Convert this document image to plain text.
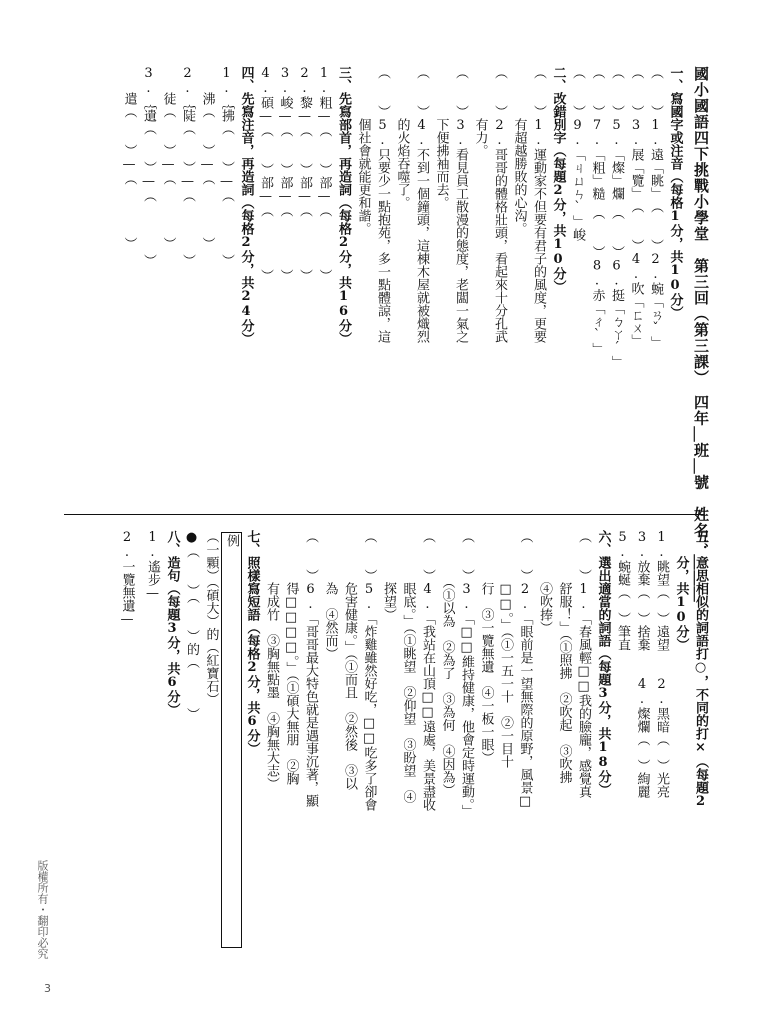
國小國語四下挑戰小學堂　第三回（第三課）　四年＿班＿號　姓名：＿＿＿
一、寫國字或注音（每格1分，共10分）
（　　）1.遠「眺」　（　　）2.蜿「ㄢˇ」
（　　）3.展「覽」　（　　）4.吹「ㄈㄨ」
（　　）5.「燦」爛　（　　）6.挺「ㄅㄚˊ」
（　　）7.「粗」糙　（　　）8.赤「ㄔˋ」
（　　）9.「ㄐㄩㄣˋ」峻
二、改錯別字（每題2分，共10分）
（　　）1.運動家不但要有君子的風度，更要
　　　　有超越勝敗的心沟。
（　　）2.哥哥的體格壯頭，看起來十分孔武
　　　　有力。
（　　）3.看見員工散漫的態度，老闆一氣之
　　　　下便拂袖而去。
（　　）4.不到一個鐘頭，這棟木屋就被熾烈
　　　　的火焰吞噬了。
（　　）5.只要少一點抱苑，多一點體諒，這
　　　　個社會就能更和諧。
三、先寫部首，再造詞（每格2分，共16分）
1.粗—（　　）部—（　　　　）
2.黎—（　　）部—（　　　　）
3.峻—（　　）部—（　　　　）
4.碩—（　　）部—（　　　　）
四、先寫注音，再造詞（每格2分，共24分）
1.｛拂（　　）—（　　　　）
　　沸（　　）—（　　　　）
2.｛陡（　　）—（　　　　）
　　徒（　　）—（　　　　）
3.｛遺（　　）—（　　　　）
　　遣（　　）—（　　　　）
五、意思相似的詞語打○，不同的打×（每題2
　　分，共10分）
1.眺望（　）遠望　　2.黑暗（　）光亮
3.放棄（　）捨棄　　4.燦爛（　）絢麗
5.蜿蜒（　）筆直
六、選出適當的詞語（每題3分，共18分）
（　　）1.「春風輕□□我的臉龐，感覺真
　　　　舒服！」（①照拂　②吹起　③吹拂
　　　　④吹捧）
（　　）2.「眼前是一望無際的原野，風景□
　　　　□□。」（①一五一十　②一目十
　　　　行　③一覽無遺　④一板一眼）
（　　）3.「□□維持健康，他會定時運動。」
　　　　（①以為　②為了　③為何　④因為）
（　　）4.「我站在山頂□□遠處，美景盡收
　　　　眼底。」（①眺望　②仰望　③盼望　④
　　　　探望）
（　　）5.「炸雞雖然好吃，□□吃多了卻會
　　　　危害健康。」（①而且　②然後　③以
　　　　為　④然而）
（　　）6.「哥哥最大特色就是遇事沉著，顯
　　　　得□□□□。」（①碩大無朋　②胸
　　　　有成竹　③胸無點墨　④胸無大志）
七、照樣寫短語（每格2分，共6分）
例
（一顆）（碩大）的（紅寶石）
●（　　）（　　）的（　　　）
八、造句（每題3分，共6分）
1.遙步—
2.一覽無遺—
版權所有・翻印必究
3
